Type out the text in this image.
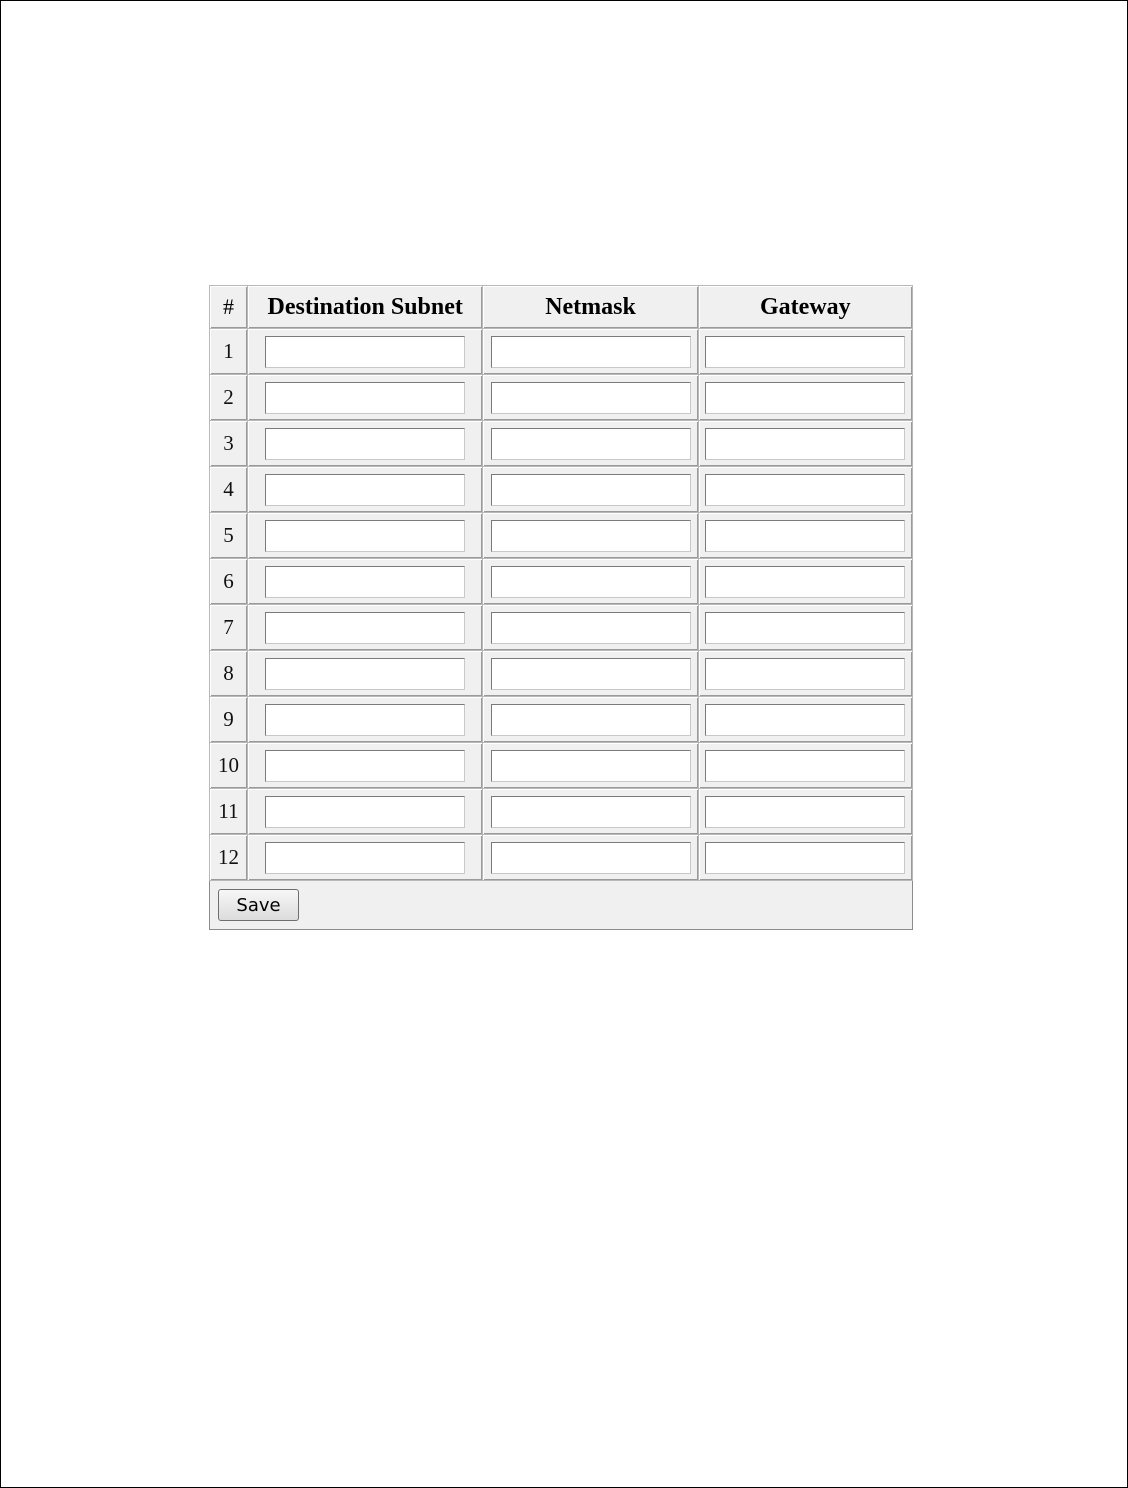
#	Destination Subnet	Netmask	Gateway
1	

2	

3	

4	

5	

6	

7	

8	

9	

10	

11	

12	

Save			
